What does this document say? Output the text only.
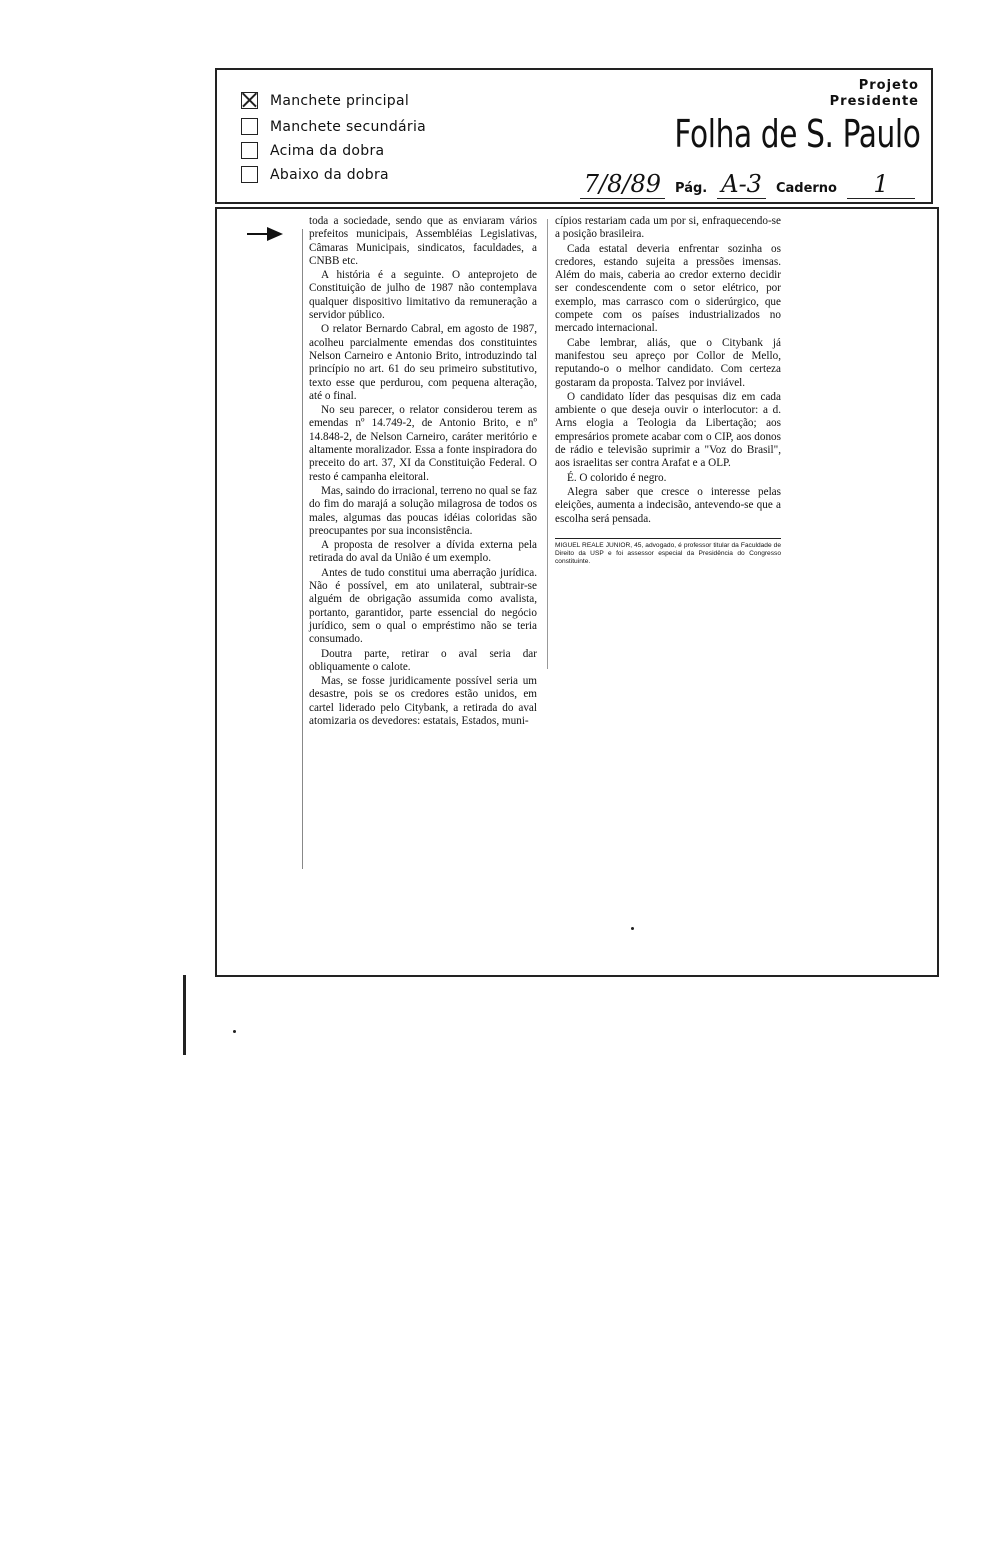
Manchete principal
Manchete secundária
Acima da dobra
Abaixo da dobra
Projeto
Presidente
Folha de S. Paulo
7/8/89	Pág. A-3	Caderno	1

toda a sociedade, sendo que as enviaram vários prefeitos municipais, Assembléias Legislativas, Câmaras Municipais, sindicatos, faculdades, a CNBB etc.

A história é a seguinte. O anteprojeto de Constituição de julho de 1987 não contemplava qualquer dispositivo limitativo da remuneração a servidor público.

O relator Bernardo Cabral, em agosto de 1987, acolheu parcialmente emendas dos constituintes Nelson Carneiro e Antonio Brito, introduzindo tal princípio no art. 61 do seu primeiro substitutivo, texto esse que perdurou, com pequena alteração, até o final.

No seu parecer, o relator considerou terem as emendas nº 14.749-2, de Antonio Brito, e nº 14.848-2, de Nelson Carneiro, caráter meritório e altamente moralizador. Essa a fonte inspiradora do preceito do art. 37, XI da Constituição Federal. O resto é campanha eleitoral.

Mas, saindo do irracional, terreno no qual se faz do fim do marajá a solução milagrosa de todos os males, algumas das poucas idéias coloridas são preocupantes por sua inconsistência.

A proposta de resolver a dívida externa pela retirada do aval da União é um exemplo.

Antes de tudo constitui uma aberração jurídica. Não é possível, em ato unilateral, subtrair-se alguém de obrigação assumida como avalista, portanto, garantidor, parte essencial do negócio jurídico, sem o qual o empréstimo não se teria consumado.

Doutra parte, retirar o aval seria dar obliquamente o calote.

Mas, se fosse juridicamente possível seria um desastre, pois se os credores estão unidos, em cartel liderado pelo Citybank, a retirada do aval atomizaria os devedores: estatais, Estados, muni-

cípios restariam cada um por si, enfraquecendo-se a posição brasileira.

Cada estatal deveria enfrentar sozinha os credores, estando sujeita a pressões imensas. Além do mais, caberia ao credor externo decidir ser condescendente com o setor elétrico, por exemplo, mas carrasco com o siderúrgico, que compete com os países industrializados no mercado internacional.

Cabe lembrar, aliás, que o Citybank já manifestou seu apreço por Collor de Mello, reputando-o o melhor candidato. Com certeza gostaram da proposta. Talvez por inviável.

O candidato líder das pesquisas diz em cada ambiente o que deseja ouvir o interlocutor: a d. Arns elogia a Teologia da Libertação; aos empresários promete acabar com o CIP, aos donos de rádio e televisão suprimir a "Voz do Brasil", aos israelitas ser contra Arafat e a OLP.

É. O colorido é negro.

Alegra saber que cresce o interesse pelas eleições, aumenta a indecisão, antevendo-se que a escolha será pensada.

MIGUEL REALE JUNIOR, 45, advogado, é professor titular da Faculdade de Direito da USP e foi assessor especial da Presidência do Congresso constituinte.
